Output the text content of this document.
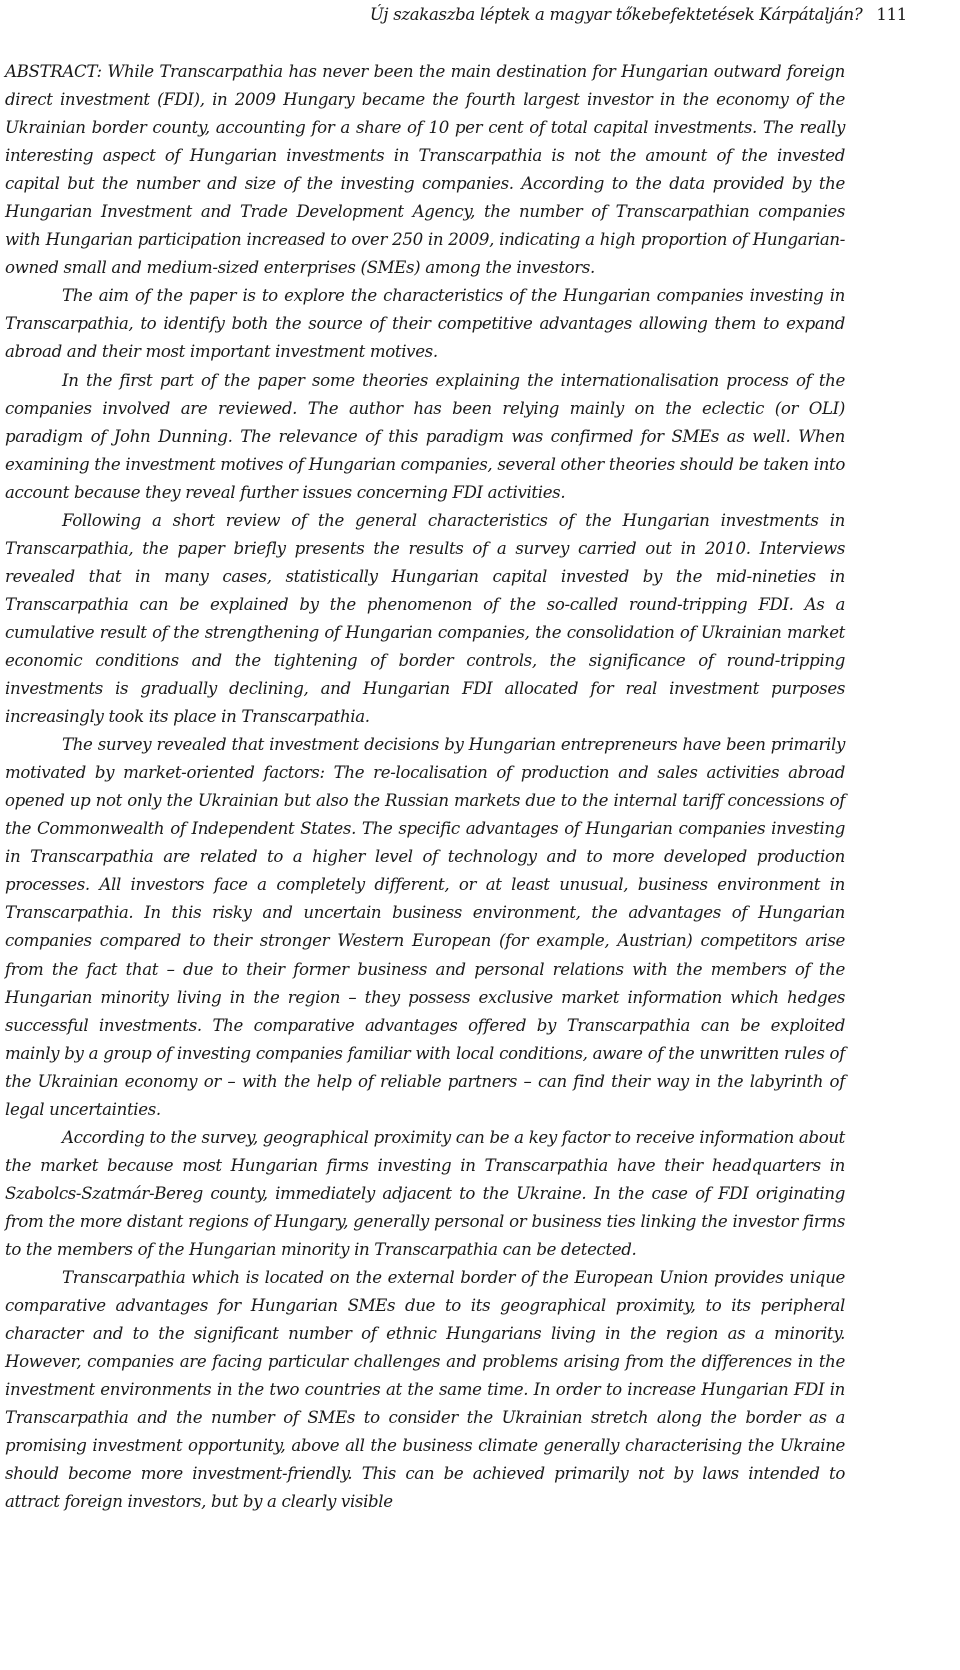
Új szakaszba léptek a magyar tőkebefektetések Kárpátalján? 111

ABSTRACT: While Transcarpathia has never been the main destination for Hungarian outward foreign direct investment (FDI), in 2009 Hungary became the fourth largest investor in the economy of the Ukrainian border county, accounting for a share of 10 per cent of total capital investments. The really interesting aspect of Hungarian investments in Transcarpathia is not the amount of the invested capital but the number and size of the investing companies. According to the data provided by the Hungarian Investment and Trade Development Agency, the number of Transcarpathian companies with Hungarian participation increased to over 250 in 2009, indicating a high proportion of Hungarian-owned small and medium-sized enterprises (SMEs) among the investors.

The aim of the paper is to explore the characteristics of the Hungarian companies investing in Transcarpathia, to identify both the source of their competitive advantages allowing them to expand abroad and their most important investment motives.

In the first part of the paper some theories explaining the internationalisation process of the companies involved are reviewed. The author has been relying mainly on the eclectic (or OLI) paradigm of John Dunning. The relevance of this paradigm was confirmed for SMEs as well. When examining the investment motives of Hungarian companies, several other theories should be taken into account because they reveal further issues concerning FDI activities.

Following a short review of the general characteristics of the Hungarian investments in Transcarpathia, the paper briefly presents the results of a survey carried out in 2010. Interviews revealed that in many cases, statistically Hungarian capital invested by the mid-nineties in Transcarpathia can be explained by the phenomenon of the so-called round-tripping FDI. As a cumulative result of the strengthening of Hungarian companies, the consolidation of Ukrainian market economic conditions and the tightening of border controls, the significance of round-tripping investments is gradually declining, and Hungarian FDI allocated for real investment purposes increasingly took its place in Transcarpathia.

The survey revealed that investment decisions by Hungarian entrepreneurs have been primarily motivated by market-oriented factors: The re-localisation of production and sales activities abroad opened up not only the Ukrainian but also the Russian markets due to the internal tariff concessions of the Commonwealth of Independent States. The specific advantages of Hungarian companies investing in Transcarpathia are related to a higher level of technology and to more developed production processes. All investors face a completely different, or at least unusual, business environment in Transcarpathia. In this risky and uncertain business environment, the advantages of Hungarian companies compared to their stronger Western European (for example, Austrian) competitors arise from the fact that – due to their former business and personal relations with the members of the Hungarian minority living in the region – they possess exclusive market information which hedges successful investments. The comparative advantages offered by Transcarpathia can be exploited mainly by a group of investing companies familiar with local conditions, aware of the unwritten rules of the Ukrainian economy or – with the help of reliable partners – can find their way in the labyrinth of legal uncertainties.

According to the survey, geographical proximity can be a key factor to receive information about the market because most Hungarian firms investing in Transcarpathia have their headquarters in Szabolcs-Szatmár-Bereg county, immediately adjacent to the Ukraine. In the case of FDI originating from the more distant regions of Hungary, generally personal or business ties linking the investor firms to the members of the Hungarian minority in Transcarpathia can be detected.

Transcarpathia which is located on the external border of the European Union provides unique comparative advantages for Hungarian SMEs due to its geographical proximity, to its peripheral character and to the significant number of ethnic Hungarians living in the region as a minority. However, companies are facing particular challenges and problems arising from the differences in the investment environments in the two countries at the same time. In order to increase Hungarian FDI in Transcarpathia and the number of SMEs to consider the Ukrainian stretch along the border as a promising investment opportunity, above all the business climate generally characterising the Ukraine should become more investment-friendly. This can be achieved primarily not by laws intended to attract foreign investors, but by a clearly visible
